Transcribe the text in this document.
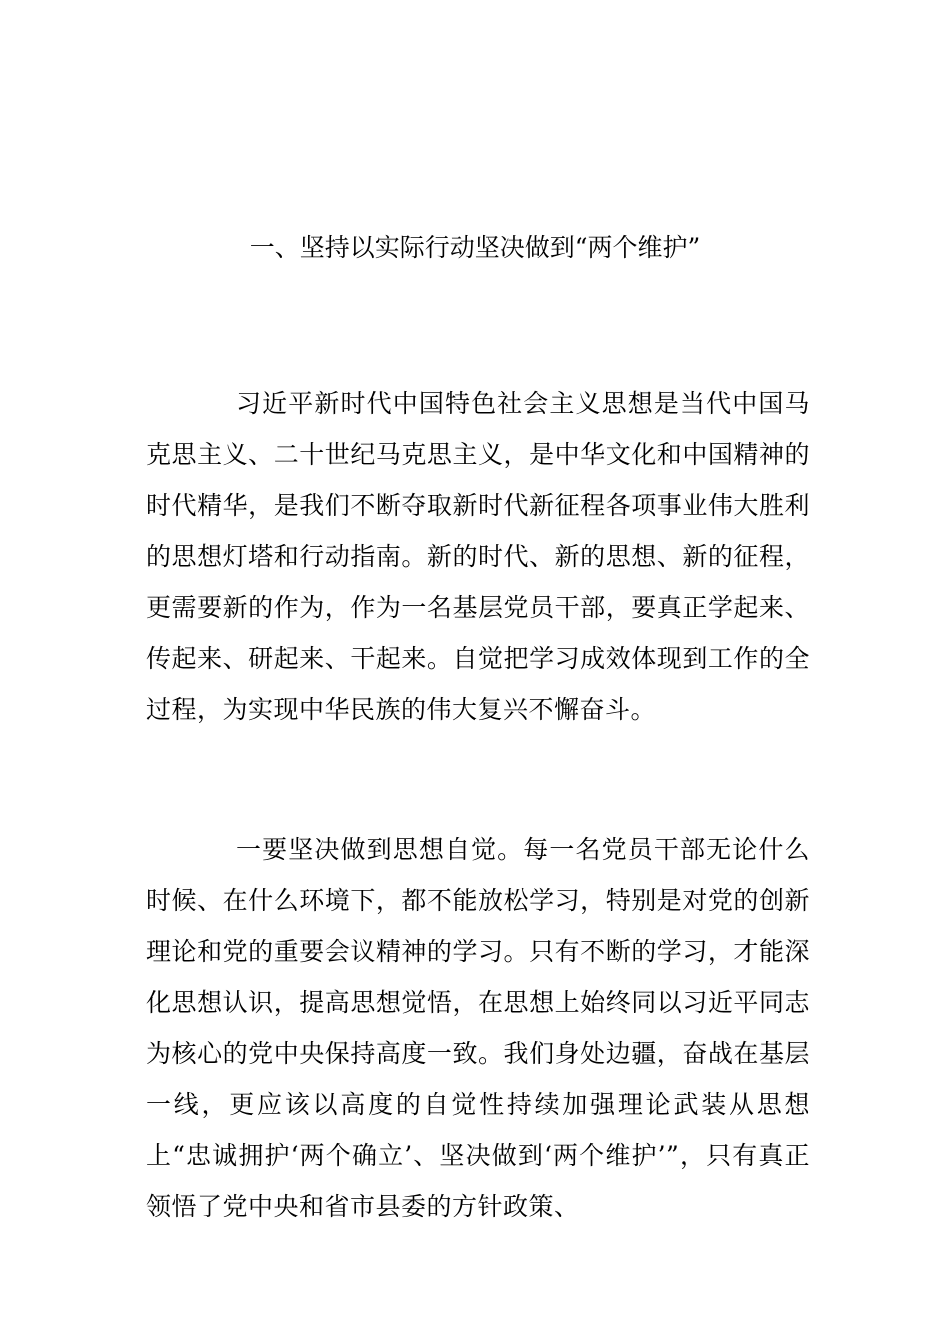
一、坚持以实际行动坚决做到“两个维护”

习近平新时代中国特色社会主义思想是当代中国马克思主义、二十世纪马克思主义，是中华文化和中国精神的时代精华，是我们不断夺取新时代新征程各项事业伟大胜利的思想灯塔和行动指南。新的时代、新的思想、新的征程，更需要新的作为，作为一名基层党员干部，要真正学起来、传起来、研起来、干起来。自觉把学习成效体现到工作的全过程，为实现中华民族的伟大复兴不懈奋斗。

一要坚决做到思想自觉。每一名党员干部无论什么时候、在什么环境下，都不能放松学习，特别是对党的创新理论和党的重要会议精神的学习。只有不断的学习，才能深化思想认识，提高思想觉悟，在思想上始终同以习近平同志为核心的党中央保持高度一致。我们身处边疆，奋战在基层一线，更应该以高度的自觉性持续加强理论武装从思想上“忠诚拥护‘两个确立’、坚决做到‘两个维护’”，只有真正领悟了党中央和省市县委的方针政策、
